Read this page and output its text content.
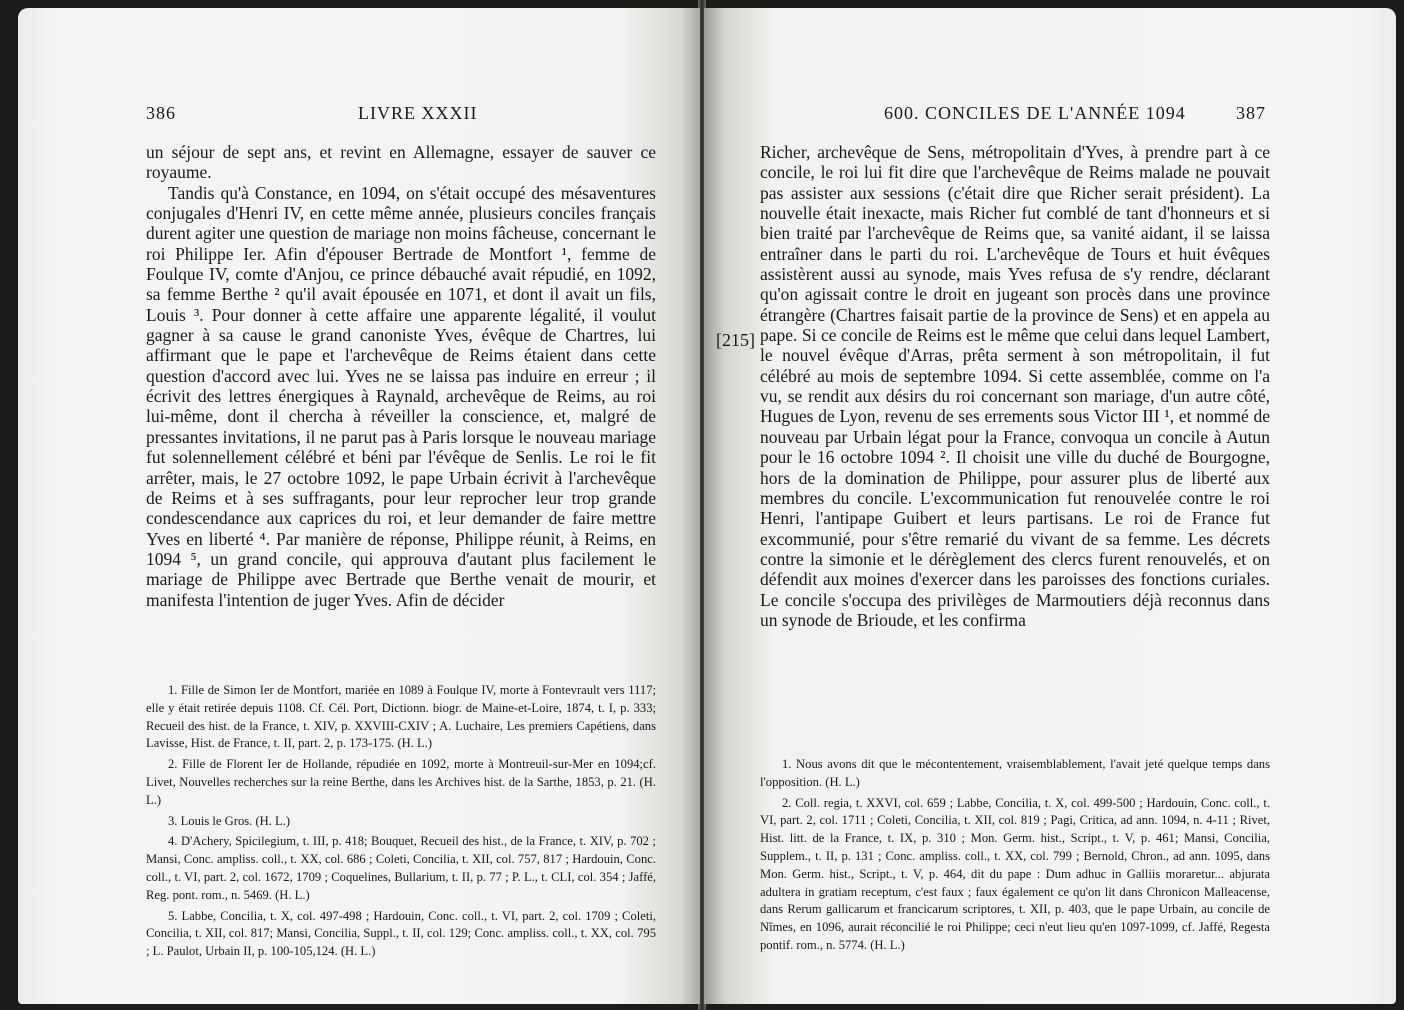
386	LIVRE XXXII

un séjour de sept ans, et revint en Allemagne, essayer de sauver ce royaume.

Tandis qu'à Constance, en 1094, on s'était occupé des mésaventures conjugales d'Henri IV, en cette même année, plusieurs conciles français durent agiter une question de mariage non moins fâcheuse, concernant le roi Philippe Ier. Afin d'épouser Bertrade de Montfort ¹, femme de Foulque IV, comte d'Anjou, ce prince débauché avait répudié, en 1092, sa femme Berthe ² qu'il avait épousée en 1071, et dont il avait un fils, Louis ³. Pour donner à cette affaire une apparente légalité, il voulut gagner à sa cause le grand canoniste Yves, évêque de Chartres, lui affirmant que le pape et l'archevêque de Reims étaient dans cette question d'accord avec lui. Yves ne se laissa pas induire en erreur ; il écrivit des lettres énergiques à Raynald, archevêque de Reims, au roi lui-même, dont il chercha à réveiller la conscience, et, malgré de pressantes invitations, il ne parut pas à Paris lorsque le nouveau mariage fut solennellement célébré et béni par l'évêque de Senlis. Le roi le fit arrêter, mais, le 27 octobre 1092, le pape Urbain écrivit à l'archevêque de Reims et à ses suffragants, pour leur reprocher leur trop grande condescendance aux caprices du roi, et leur demander de faire mettre Yves en liberté ⁴. Par manière de réponse, Philippe réunit, à Reims, en 1094 ⁵, un grand concile, qui approuva d'autant plus facilement le mariage de Philippe avec Bertrade que Berthe venait de mourir, et manifesta l'intention de juger Yves. Afin de décider

1. Fille de Simon Ier de Montfort, mariée en 1089 à Foulque IV, morte à Fontevrault vers 1117; elle y était retirée depuis 1108. Cf. Cél. Port, Dictionn. biogr. de Maine-et-Loire, 1874, t. I, p. 333; Recueil des hist. de la France, t. XIV, p. XXVIII-CXIV ; A. Luchaire, Les premiers Capétiens, dans Lavisse, Hist. de France, t. II, part. 2, p. 173-175. (H. L.)

2. Fille de Florent Ier de Hollande, répudiée en 1092, morte à Montreuil-sur-Mer en 1094;cf. Livet, Nouvelles recherches sur la reine Berthe, dans les Archives hist. de la Sarthe, 1853, p. 21. (H. L.)

3. Louis le Gros. (H. L.)

4. D'Achery, Spicilegium, t. III, p. 418; Bouquet, Recueil des hist., de la France, t. XIV, p. 702 ; Mansi, Conc. ampliss. coll., t. XX, col. 686 ; Coleti, Concilia, t. XII, col. 757, 817 ; Hardouin, Conc. coll., t. VI, part. 2, col. 1672, 1709 ; Coquelines, Bullarium, t. II, p. 77 ; P. L., t. CLI, col. 354 ; Jaffé, Reg. pont. rom., n. 5469. (H. L.)

5. Labbe, Concilia, t. X, col. 497-498 ; Hardouin, Conc. coll., t. VI, part. 2, col. 1709 ; Coleti, Concilia, t. XII, col. 817; Mansi, Concilia, Suppl., t. II, col. 129; Conc. ampliss. coll., t. XX, col. 795 ; L. Paulot, Urbain II, p. 100-105,124. (H. L.)

600. CONCILES DE L'ANNÉE 1094	387
[215]

Richer, archevêque de Sens, métropolitain d'Yves, à prendre part à ce concile, le roi lui fit dire que l'archevêque de Reims malade ne pouvait pas assister aux sessions (c'était dire que Richer serait président). La nouvelle était inexacte, mais Richer fut comblé de tant d'honneurs et si bien traité par l'archevêque de Reims que, sa vanité aidant, il se laissa entraîner dans le parti du roi. L'archevêque de Tours et huit évêques assistèrent aussi au synode, mais Yves refusa de s'y rendre, déclarant qu'on agissait contre le droit en jugeant son procès dans une province étrangère (Chartres faisait partie de la province de Sens) et en appela au pape. Si ce concile de Reims est le même que celui dans lequel Lambert, le nouvel évêque d'Arras, prêta serment à son métropolitain, il fut célébré au mois de septembre 1094. Si cette assemblée, comme on l'a vu, se rendit aux désirs du roi concernant son mariage, d'un autre côté, Hugues de Lyon, revenu de ses errements sous Victor III ¹, et nommé de nouveau par Urbain légat pour la France, convoqua un concile à Autun pour le 16 octobre 1094 ². Il choisit une ville du duché de Bourgogne, hors de la domination de Philippe, pour assurer plus de liberté aux membres du concile. L'excommunication fut renouvelée contre le roi Henri, l'antipape Guibert et leurs partisans. Le roi de France fut excommunié, pour s'être remarié du vivant de sa femme. Les décrets contre la simonie et le dérèglement des clercs furent renouvelés, et on défendit aux moines d'exercer dans les paroisses des fonctions curiales. Le concile s'occupa des privilèges de Marmoutiers déjà reconnus dans un synode de Brioude, et les confirma

1. Nous avons dit que le mécontentement, vraisemblablement, l'avait jeté quelque temps dans l'opposition. (H. L.)

2. Coll. regia, t. XXVI, col. 659 ; Labbe, Concilia, t. X, col. 499-500 ; Hardouin, Conc. coll., t. VI, part. 2, col. 1711 ; Coleti, Concilia, t. XII, col. 819 ; Pagi, Critica, ad ann. 1094, n. 4-11 ; Rivet, Hist. litt. de la France, t. IX, p. 310 ; Mon. Germ. hist., Script., t. V, p. 461; Mansi, Concilia, Supplem., t. II, p. 131 ; Conc. ampliss. coll., t. XX, col. 799 ; Bernold, Chron., ad ann. 1095, dans Mon. Germ. hist., Script., t. V, p. 464, dit du pape : Dum adhuc in Galliis moraretur... abjurata adultera in gratiam receptum, c'est faux ; faux également ce qu'on lit dans Chronicon Malleacense, dans Rerum gallicarum et francicarum scriptores, t. XII, p. 403, que le pape Urbain, au concile de Nîmes, en 1096, aurait réconcilié le roi Philippe; ceci n'eut lieu qu'en 1097-1099, cf. Jaffé, Regesta pontif. rom., n. 5774. (H. L.)
